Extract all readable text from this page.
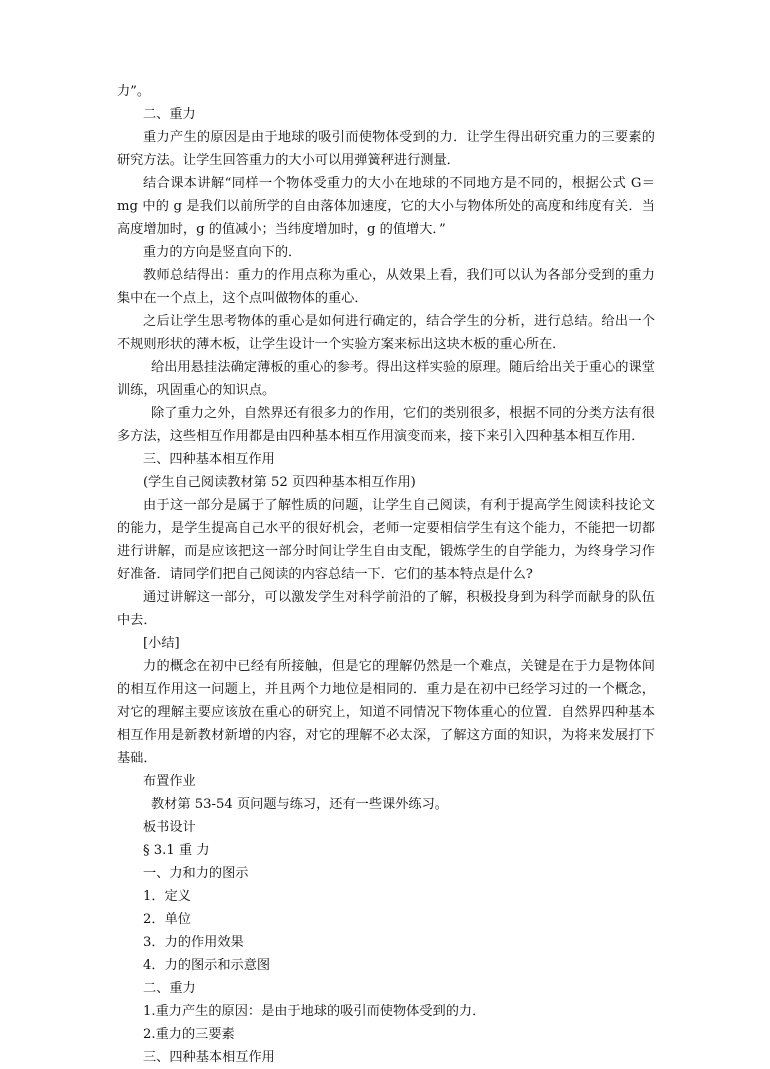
力”。

二、重力

重力产生的原因是由于地球的吸引而使物体受到的力．让学生得出研究重力的三要素的研究方法。让学生回答重力的大小可以用弹簧秤进行测量．

结合课本讲解“同样一个物体受重力的大小在地球的不同地方是不同的，根据公式 G＝mg 中的 g 是我们以前所学的自由落体加速度，它的大小与物体所处的高度和纬度有关．当高度增加时，g 的值减小；当纬度增加时，g 的值增大．”

重力的方向是竖直向下的．

教师总结得出：重力的作用点称为重心，从效果上看，我们可以认为各部分受到的重力集中在一个点上，这个点叫做物体的重心．

之后让学生思考物体的重心是如何进行确定的，结合学生的分析，进行总结。给出一个不规则形状的薄木板，让学生设计一个实验方案来标出这块木板的重心所在．

给出用悬挂法确定薄板的重心的参考。得出这样实验的原理。随后给出关于重心的课堂训练，巩固重心的知识点。

除了重力之外，自然界还有很多力的作用，它们的类别很多，根据不同的分类方法有很多方法，这些相互作用都是由四种基本相互作用演变而来，接下来引入四种基本相互作用．

三、四种基本相互作用

(学生自己阅读教材第 52 页四种基本相互作用)

由于这一部分是属于了解性质的问题，让学生自己阅读，有利于提高学生阅读科技论文的能力，是学生提高自己水平的很好机会，老师一定要相信学生有这个能力，不能把一切都进行讲解，而是应该把这一部分时间让学生自由支配，锻炼学生的自学能力，为终身学习作好准备．请同学们把自己阅读的内容总结一下．它们的基本特点是什么?

通过讲解这一部分，可以激发学生对科学前沿的了解，积极投身到为科学而献身的队伍中去．

[小结]

力的概念在初中已经有所接触，但是它的理解仍然是一个难点，关键是在于力是物体间的相互作用这一问题上，并且两个力地位是相同的．重力是在初中已经学习过的一个概念，对它的理解主要应该放在重心的研究上，知道不同情况下物体重心的位置．自然界四种基本相互作用是新教材新增的内容，对它的理解不必太深，了解这方面的知识，为将来发展打下基础．

布置作业

教材第 53-54 页问题与练习，还有一些课外练习。

板书设计

§ 3.1 重 力

一、力和力的图示

1．定义

2．单位

3．力的作用效果

4．力的图示和示意图

二、重力

1.重力产生的原因：是由于地球的吸引而使物体受到的力．

2.重力的三要素

三、四种基本相互作用
